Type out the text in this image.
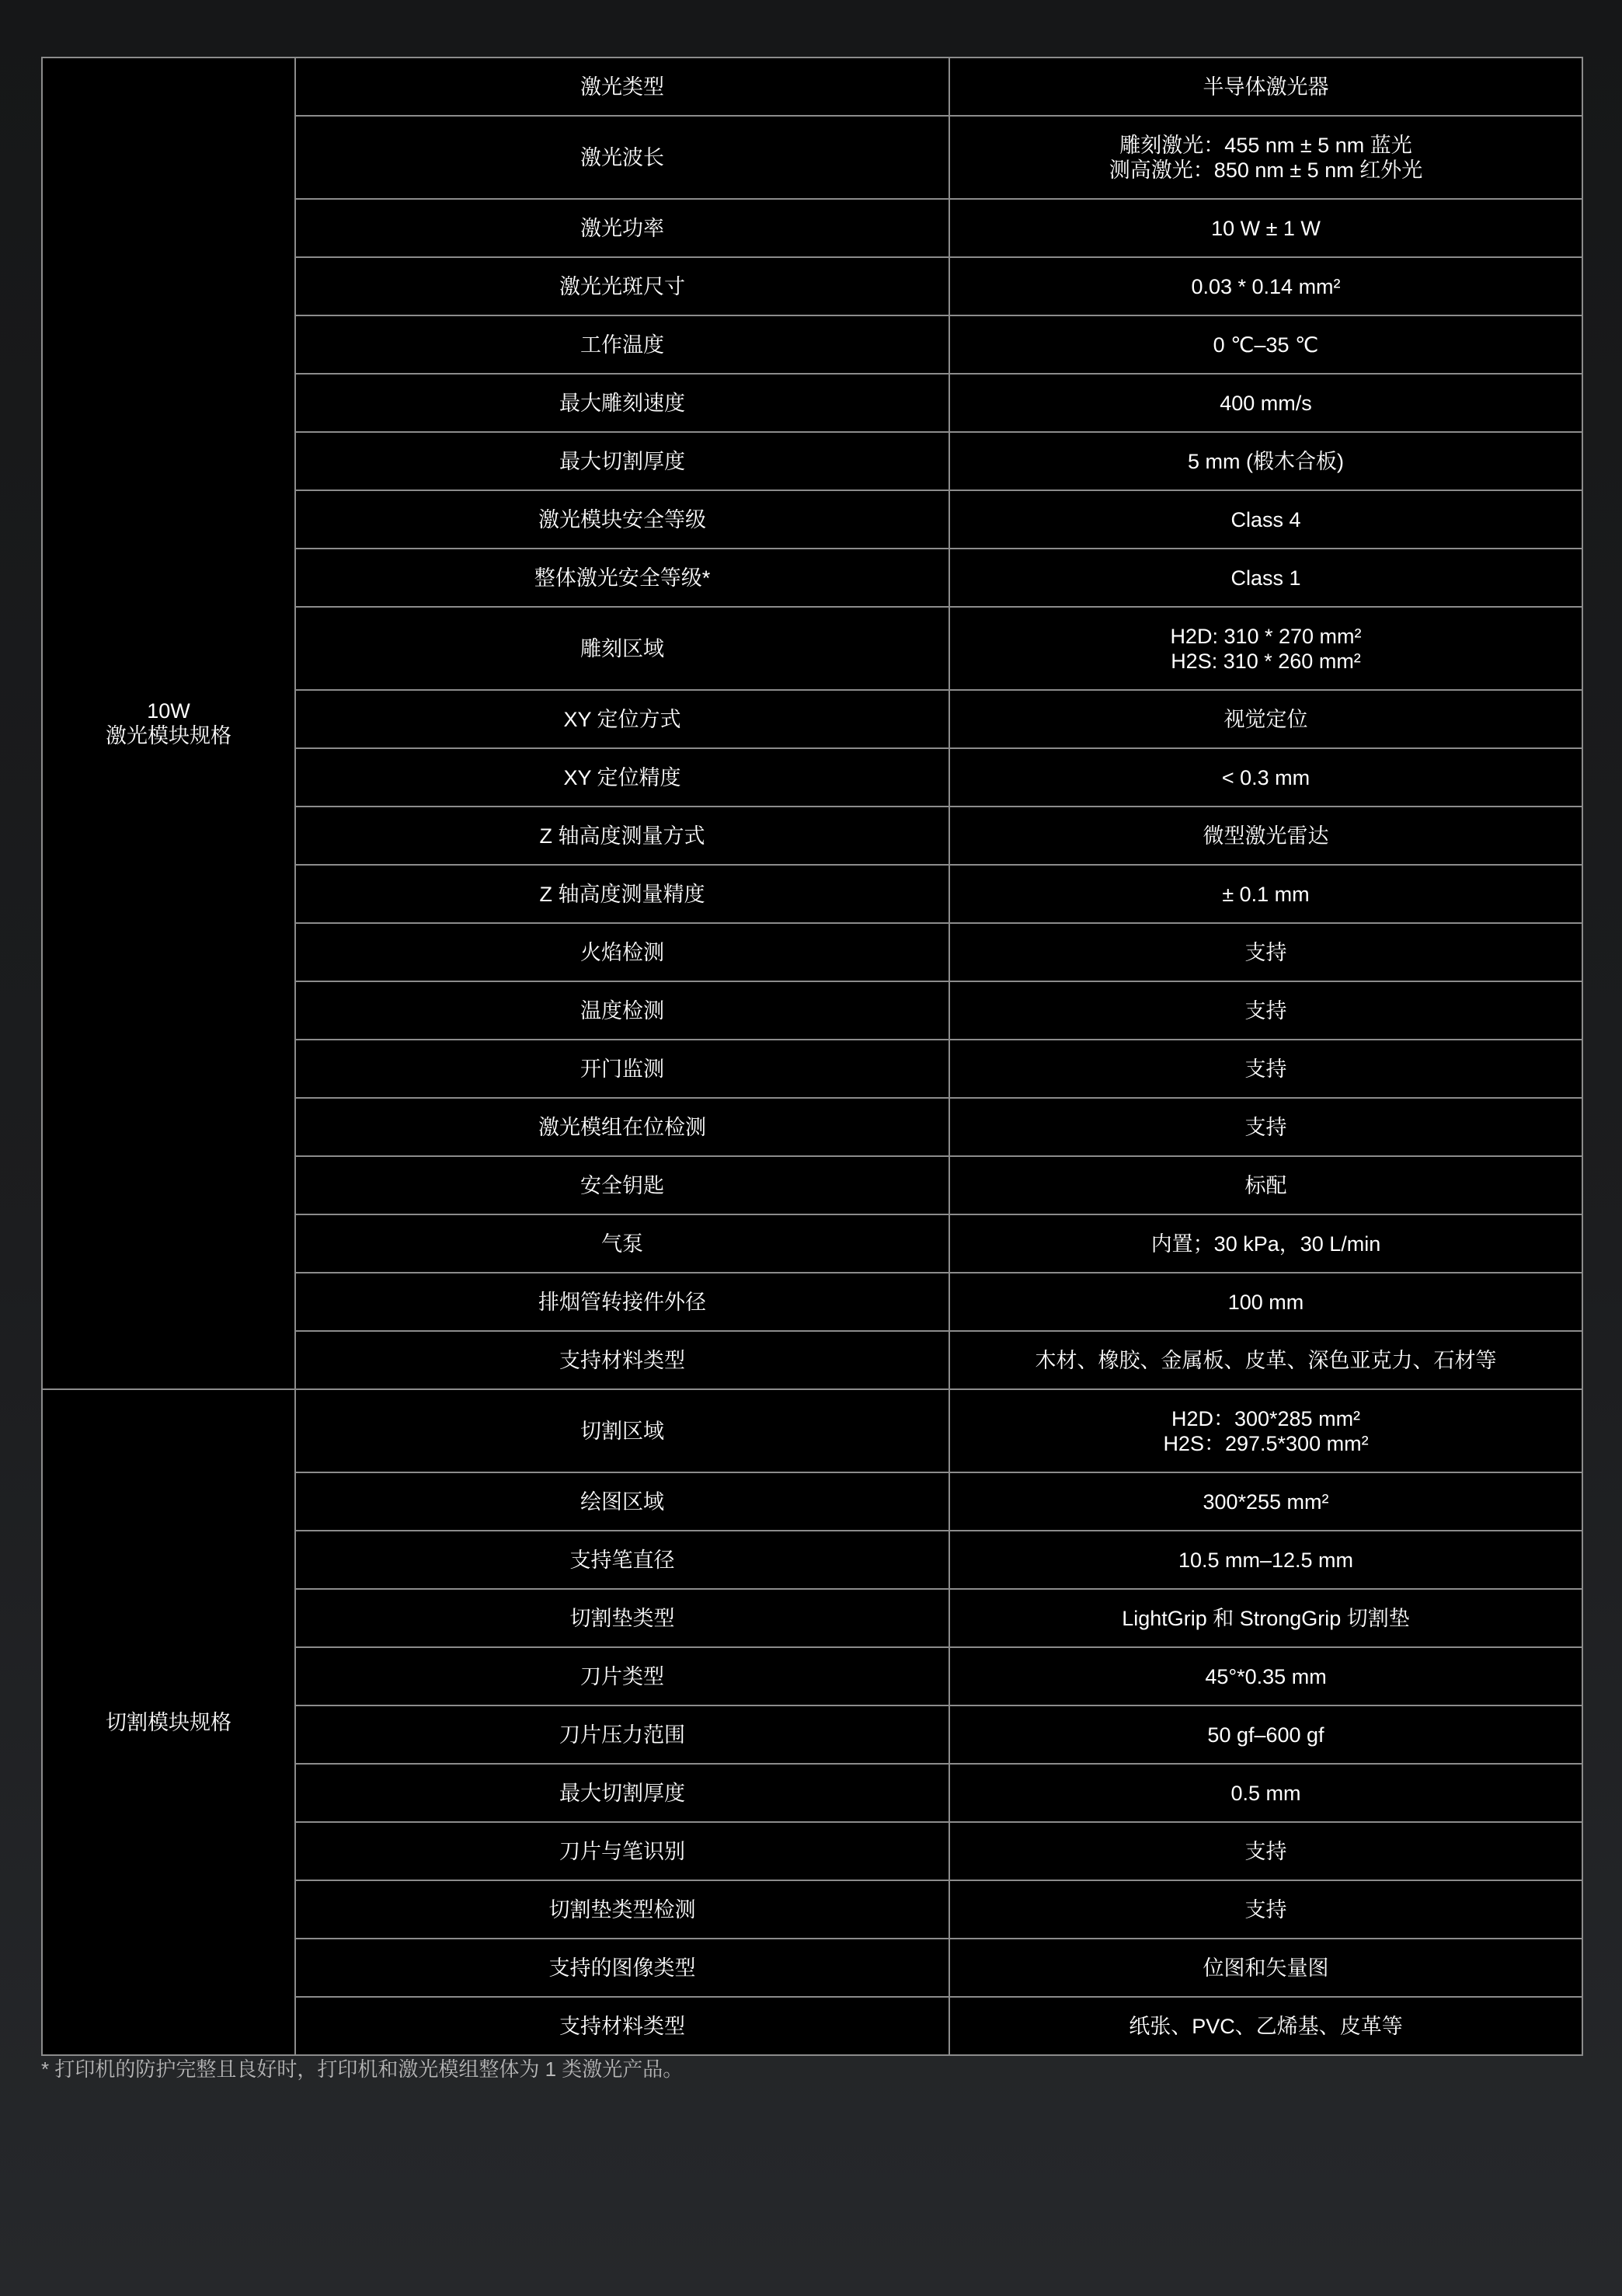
10W
激光模块规格	激光类型	半导体激光器

	激光波长	雕刻激光：455 nm ± 5 nm 蓝光
测高激光：850 nm ± 5 nm 红外光

	激光功率	10 W ± 1 W

	激光光斑尺寸	0.03 * 0.14 mm²

	工作温度	0 ℃–35 ℃

	最大雕刻速度	400 mm/s

	最大切割厚度	5 mm (椴木合板)

	激光模块安全等级	Class 4

	整体激光安全等级*	Class 1

	雕刻区域	H2D: 310 * 270 mm²
H2S: 310 * 260 mm²

	XY 定位方式	视觉定位

	XY 定位精度	< 0.3 mm

	Z 轴高度测量方式	微型激光雷达

	Z 轴高度测量精度	± 0.1 mm

	火焰检测	支持

	温度检测	支持

	开门监测	支持

	激光模组在位检测	支持

	安全钥匙	标配

	气泵	内置；30 kPa，30 L/min

	排烟管转接件外径	100 mm

	支持材料类型	木材、橡胶、金属板、皮革、深色亚克力、石材等

切割模块规格	切割区域	H2D：300*285 mm²
H2S：297.5*300 mm²

	绘图区域	300*255 mm²

	支持笔直径	10.5 mm–12.5 mm

	切割垫类型	LightGrip 和 StrongGrip 切割垫

	刀片类型	45°*0.35 mm

	刀片压力范围	50 gf–600 gf

	最大切割厚度	0.5 mm

	刀片与笔识别	支持

	切割垫类型检测	支持

	支持的图像类型	位图和矢量图

	支持材料类型	纸张、PVC、乙烯基、皮革等
* 打印机的防护完整且良好时，打印机和激光模组整体为 1 类激光产品。
